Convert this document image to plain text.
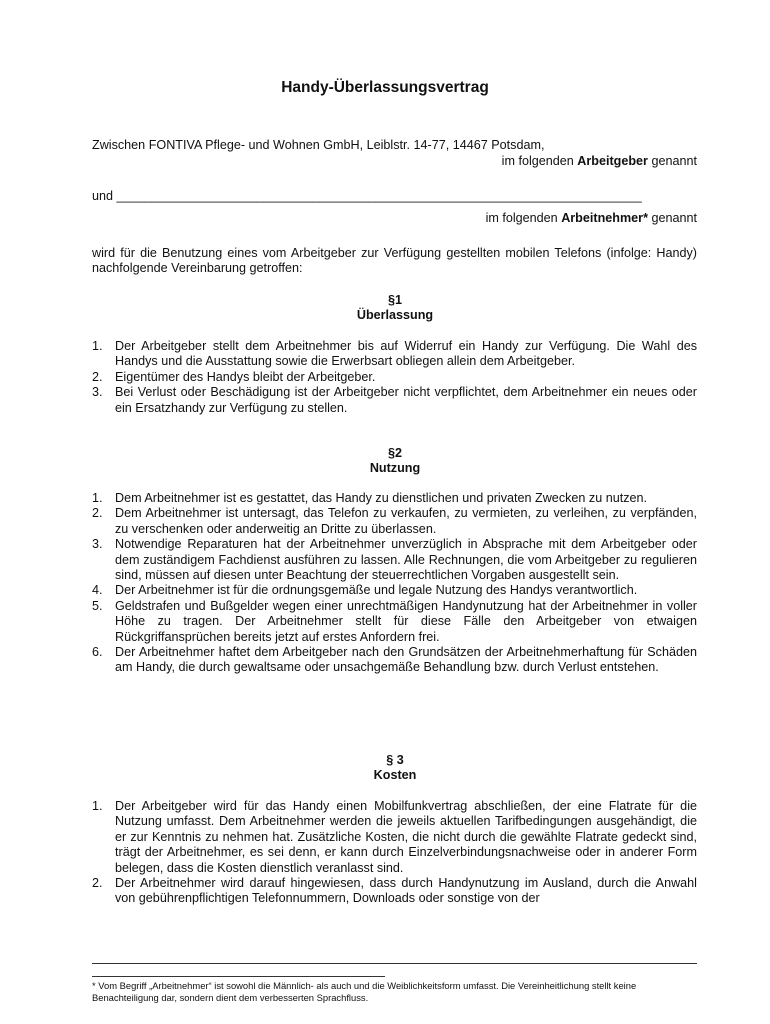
Handy-Überlassungsvertrag
Zwischen FONTIVA Pflege- und Wohnen GmbH, Leiblstr. 14-77, 14467 Potsdam,
im folgenden Arbeitgeber genannt
und ___________________________________________________________________________
im folgenden Arbeitnehmer* genannt
wird für die Benutzung eines vom Arbeitgeber zur Verfügung gestellten mobilen Telefons (infolge: Handy) nachfolgende Vereinbarung getroffen:
§1
Überlassung
1. Der Arbeitgeber stellt dem Arbeitnehmer bis auf Widerruf ein Handy zur Verfügung. Die Wahl des Handys und die Ausstattung sowie die Erwerbsart obliegen allein dem Arbeitgeber.
2. Eigentümer des Handys bleibt der Arbeitgeber.
3. Bei Verlust oder Beschädigung ist der Arbeitgeber nicht verpflichtet, dem Arbeitnehmer ein neues oder ein Ersatzhandy zur Verfügung zu stellen.
§2
Nutzung
1. Dem Arbeitnehmer ist es gestattet, das Handy zu dienstlichen und privaten Zwecken zu nutzen.
2. Dem Arbeitnehmer ist untersagt, das Telefon zu verkaufen, zu vermieten, zu verleihen, zu verpfänden, zu verschenken oder anderweitig an Dritte zu überlassen.
3. Notwendige Reparaturen hat der Arbeitnehmer unverzüglich in Absprache mit dem Arbeitgeber oder dem zuständigem Fachdienst ausführen zu lassen. Alle Rechnungen, die vom Arbeitgeber zu regulieren sind, müssen auf diesen unter Beachtung der steuerrechtlichen Vorgaben ausgestellt sein.
4. Der Arbeitnehmer ist für die ordnungsgemäße und legale Nutzung des Handys verantwortlich.
5. Geldstrafen und Bußgelder wegen einer unrechtmäßigen Handynutzung hat der Arbeitnehmer in voller Höhe zu tragen. Der Arbeitnehmer stellt für diese Fälle den Arbeitgeber von etwaigen Rückgriffansprüchen bereits jetzt auf erstes Anfordern frei.
6. Der Arbeitnehmer haftet dem Arbeitgeber nach den Grundsätzen der Arbeitnehmerhaftung für Schäden am Handy, die durch gewaltsame oder unsachgemäße Behandlung bzw. durch Verlust entstehen.
§ 3
Kosten
1. Der Arbeitgeber wird für das Handy einen Mobilfunkvertrag abschließen, der eine Flatrate für die Nutzung umfasst. Dem Arbeitnehmer werden die jeweils aktuellen Tarifbedingungen ausgehändigt, die er zur Kenntnis zu nehmen hat. Zusätzliche Kosten, die nicht durch die gewählte Flatrate gedeckt sind, trägt der Arbeitnehmer, es sei denn, er kann durch Einzelverbindungsnachweise oder in anderer Form belegen, dass die Kosten dienstlich veranlasst sind.
2. Der Arbeitnehmer wird darauf hingewiesen, dass durch Handynutzung im Ausland, durch die Anwahl von gebührenpflichtigen Telefonnummern, Downloads oder sonstige von der
* Vom Begriff „Arbeitnehmer“ ist sowohl die Männlich- als auch und die Weiblichkeitsform umfasst. Die Vereinheitlichung stellt keine Benachteiligung dar, sondern dient dem verbesserten Sprachfluss.
